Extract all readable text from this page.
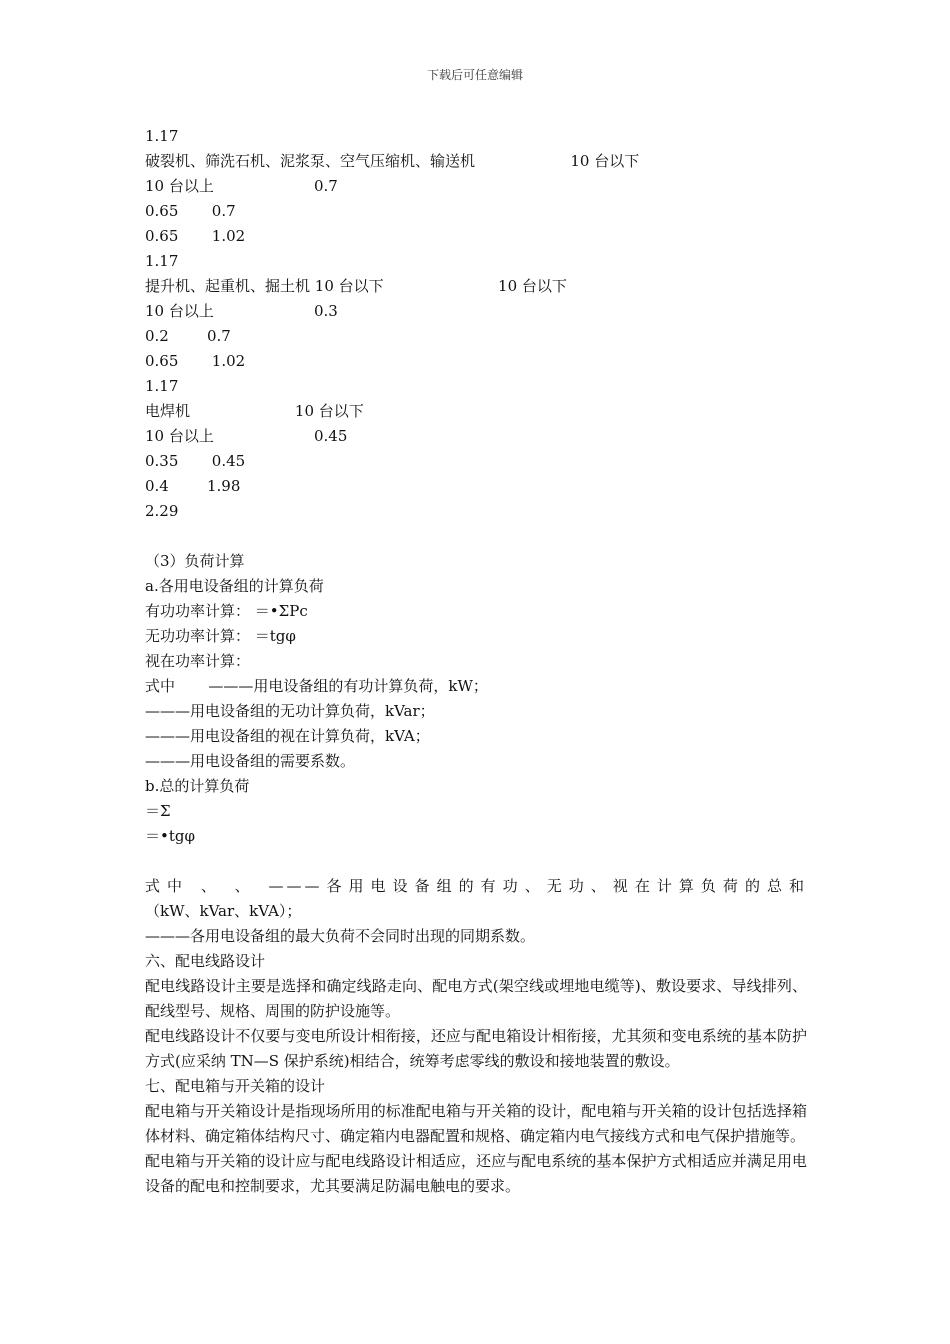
下载后可任意编辑
1.17
破裂机、筛洗石机、泥浆泵、空气压缩机、输送机                    10 台以下
10 台以上                     0.7
0.65       0.7
0.65       1.02
1.17
提升机、起重机、掘土机 10 台以下                        10 台以下
10 台以上                     0.3
0.2        0.7
0.65       1.02
1.17
电焊机                      10 台以下
10 台以上                     0.45
0.35       0.45
0.4        1.98
2.29
（3）负荷计算
a.各用电设备组的计算负荷
有功功率计算： ＝•ΣPc
无功功率计算： ＝tgφ
视在功率计算：
式中       ———用电设备组的有功计算负荷，kW；
———用电设备组的无功计算负荷，kVar；
———用电设备组的视在计算负荷，kVA；
———用电设备组的需要系数。
b.总的计算负荷
＝Σ
＝•tgφ
式中 、 、 ———各用电设备组的有功、无功、视在计算负荷的总和
（kW、kVar、kVA）；
———各用电设备组的最大负荷不会同时出现的同期系数。
六、配电线路设计
配电线路设计主要是选择和确定线路走向、配电方式(架空线或埋地电缆等)、敷设要求、导线排列、配线型号、规格、周围的防护设施等。
配电线路设计不仅要与变电所设计相衔接，还应与配电箱设计相衔接，尤其须和变电系统的基本防护方式(应采纳 TN—S 保护系统)相结合，统筹考虑零线的敷设和接地装置的敷设。
七、配电箱与开关箱的设计
配电箱与开关箱设计是指现场所用的标准配电箱与开关箱的设计，配电箱与开关箱的设计包括选择箱体材料、确定箱体结构尺寸、确定箱内电器配置和规格、确定箱内电气接线方式和电气保护措施等。
配电箱与开关箱的设计应与配电线路设计相适应，还应与配电系统的基本保护方式相适应并满足用电设备的配电和控制要求，尤其要满足防漏电触电的要求。
